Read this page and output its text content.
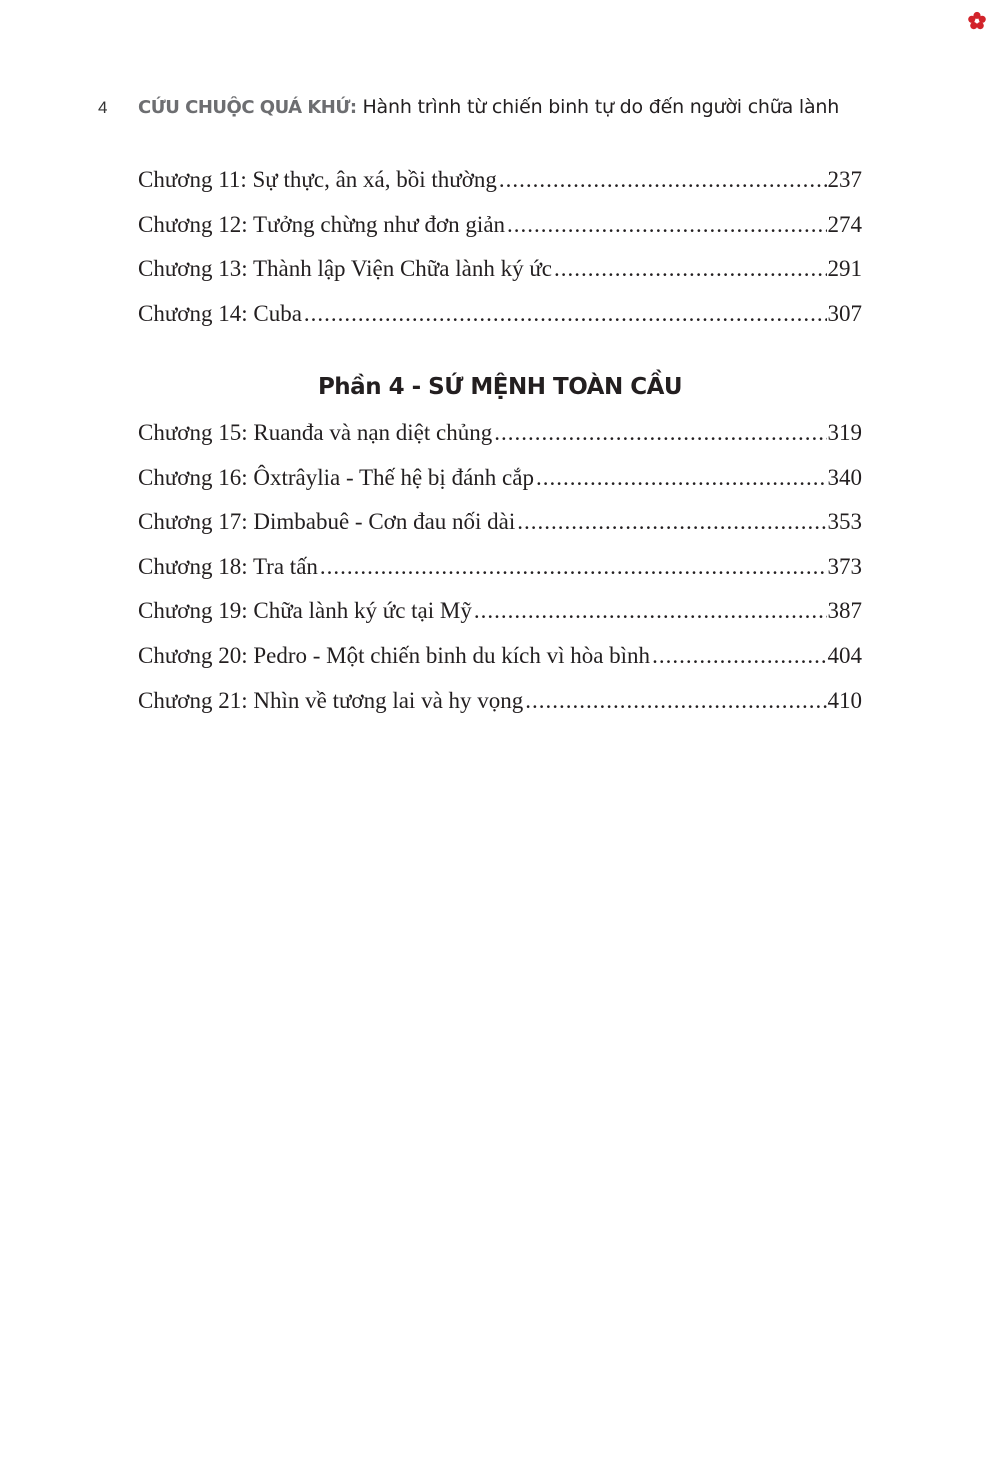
4 CỨU CHUỘC QUÁ KHỨ: Hành trình từ chiến binh tự do đến người chữa lành
Chương 11: Sự thực, ân xá, bồi thường .....	237
Chương 12: Tưởng chừng như đơn giản .....	274
Chương 13: Thành lập Viện Chữa lành ký ức .....	291
Chương 14: Cuba .....	307
Phần 4 - SỨ MỆNH TOÀN CẦU
Chương 15: Ruanđa và nạn diệt chủng .....	319
Chương 16: Ôxtrâylia - Thế hệ bị đánh cắp .....	340
Chương 17: Dimbabuê - Cơn đau nối dài .....	353
Chương 18: Tra tấn .....	373
Chương 19: Chữa lành ký ức tại Mỹ .....	387
Chương 20: Pedro - Một chiến binh du kích vì hòa bình .....	404
Chương 21: Nhìn về tương lai và hy vọng .....	410
